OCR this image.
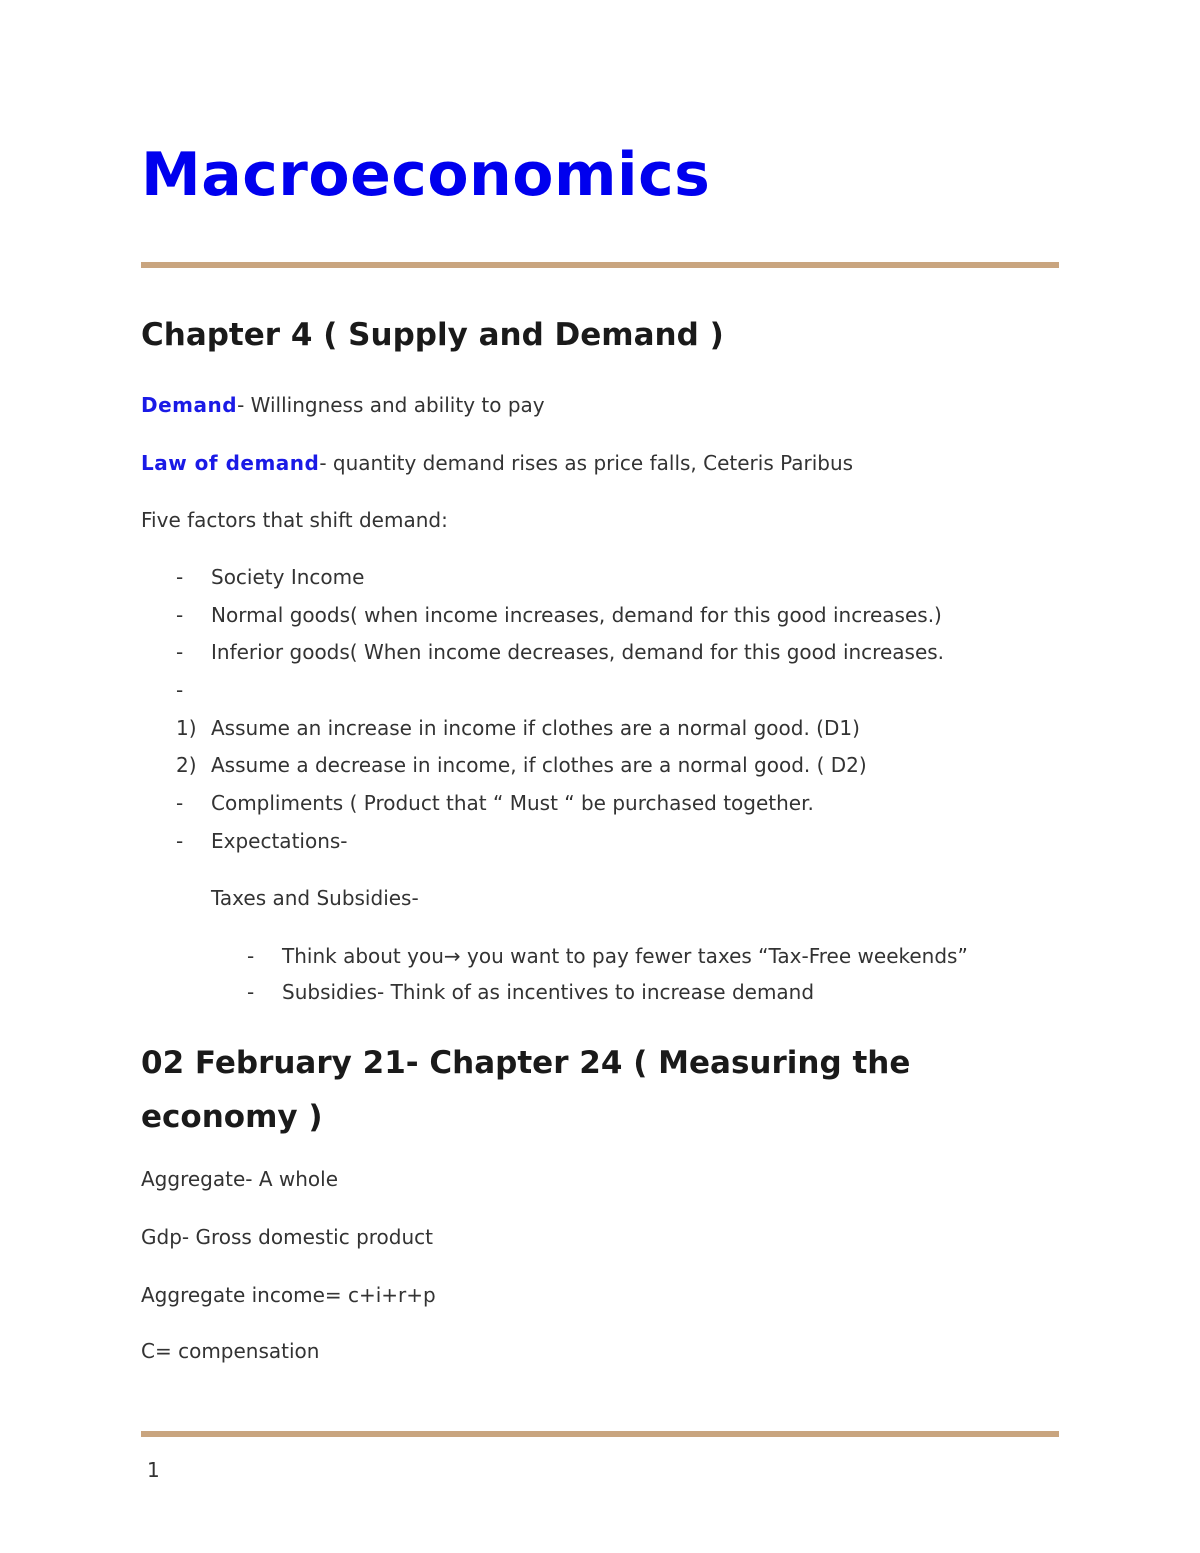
Macroeconomics
Chapter 4 ( Supply and Demand )

Demand- Willingness and ability to pay

Law of demand- quantity demand rises as price falls, Ceteris Paribus

Five factors that shift demand:

- Society Income
- Normal goods( when income increases, demand for this good increases.)
- Inferior goods( When income decreases, demand for this good increases.
-
1) Assume an increase in income if clothes are a normal good. (D1)
2) Assume a decrease in income, if clothes are a normal good. ( D2)
- Compliments ( Product that “ Must “ be purchased together.
- Expectations-

Taxes and Subsidies-

- Think about you→ you want to pay fewer taxes “Tax-Free weekends”
- Subsidies- Think of as incentives to increase demand
02 February 21- Chapter 24 ( Measuring the
economy )

Aggregate- A whole

Gdp- Gross domestic product

Aggregate income= c+i+r+p

C= compensation

1
